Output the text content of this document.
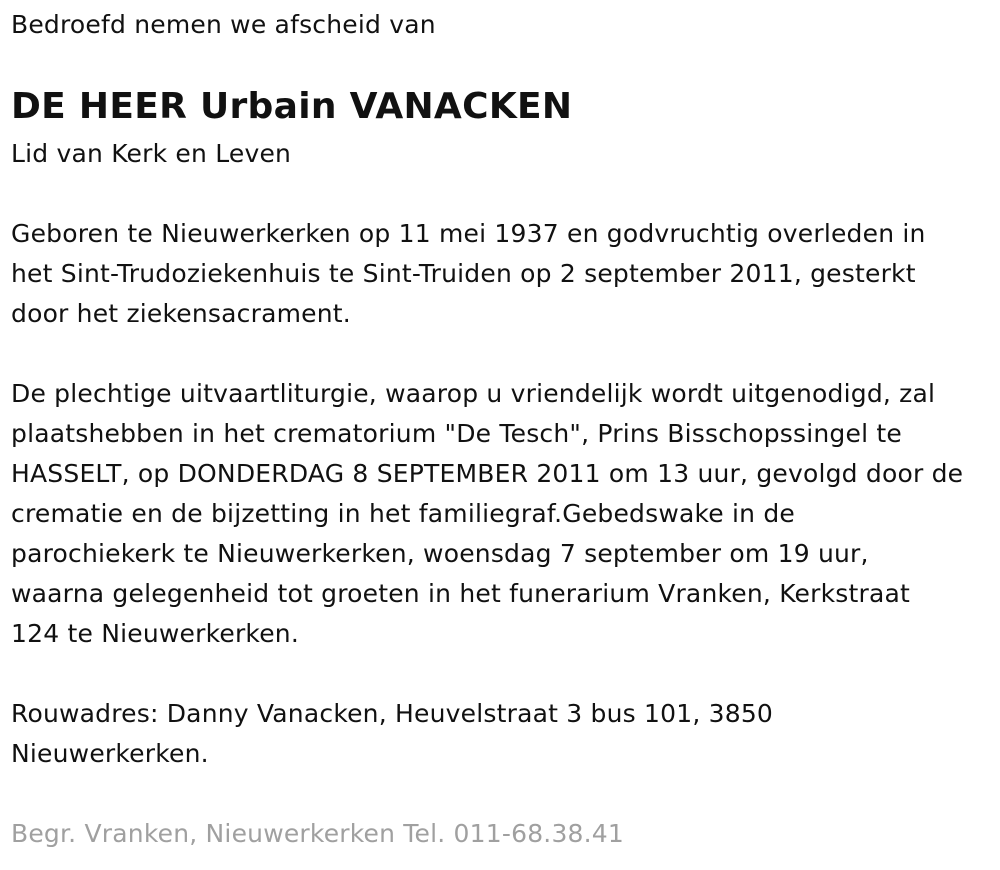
Bedroefd nemen we afscheid van
DE HEER Urbain VANACKEN
Lid van Kerk en Leven

Geboren te Nieuwerkerken op 11 mei 1937 en godvruchtig overleden in
het Sint-Trudoziekenhuis te Sint-Truiden op 2 september 2011, gesterkt
door het ziekensacrament.

De plechtige uitvaartliturgie, waarop u vriendelijk wordt uitgenodigd, zal
plaatshebben in het crematorium "De Tesch", Prins Bisschopssingel te
HASSELT, op DONDERDAG 8 SEPTEMBER 2011 om 13 uur, gevolgd door de
crematie en de bijzetting in het familiegraf.Gebedswake in de
parochiekerk te Nieuwerkerken, woensdag 7 september om 19 uur,
waarna gelegenheid tot groeten in het funerarium Vranken, Kerkstraat
124 te Nieuwerkerken.

Rouwadres: Danny Vanacken, Heuvelstraat 3 bus 101, 3850
Nieuwerkerken.

Begr. Vranken, Nieuwerkerken Tel. 011-68.38.41
